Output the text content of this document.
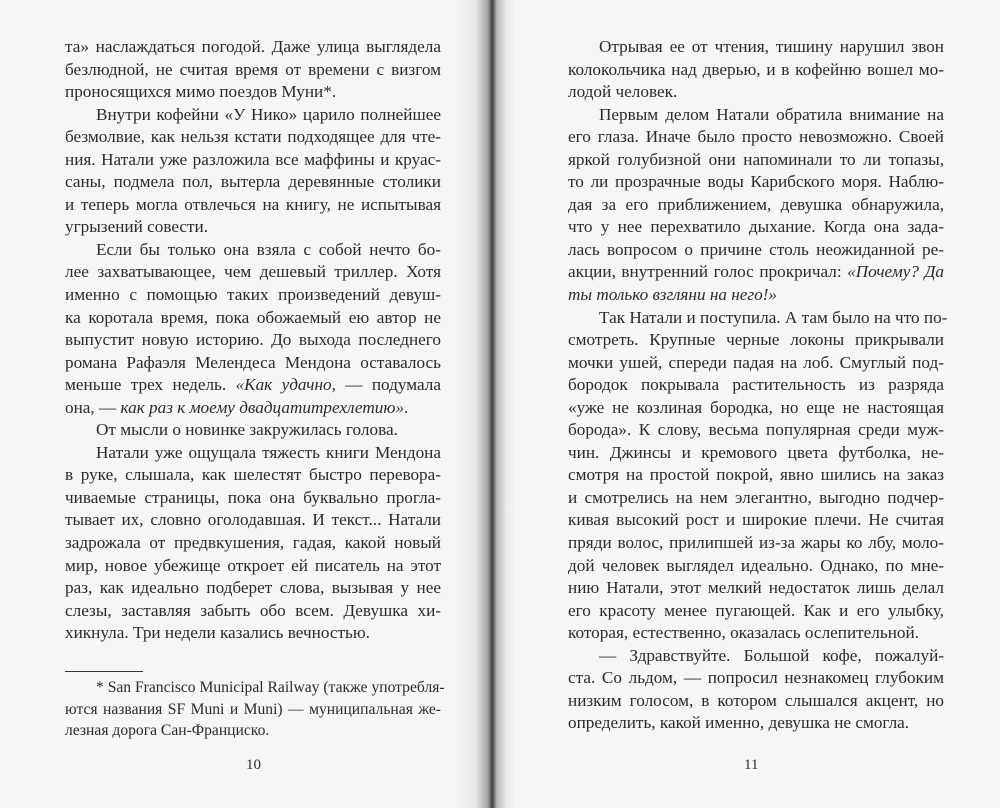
та» наслаждаться погодой. Даже улица выглядела
безлюдной, не считая время от времени с визгом
проносящихся мимо поездов Муни*.
Внутри кофейни «У Нико» царило полнейшее
безмолвие, как нельзя кстати подходящее для чте-
ния. Натали уже разложила все маффины и круас-
саны, подмела пол, вытерла деревянные столики
и теперь могла отвлечься на книгу, не испытывая
угрызений совести.
Если бы только она взяла с собой нечто бо-
лее захватывающее, чем дешевый триллер. Хотя
именно с помощью таких произведений девуш-
ка коротала время, пока обожаемый ею автор не
выпустит новую историю. До выхода последнего
романа Рафаэля Мелендеса Мендона оставалось
меньше трех недель. «Как удачно, — подумала
она, — как раз к моему двадцатитрехлетию».
От мысли о новинке закружилась голова.
Натали уже ощущала тяжесть книги Мендона
в руке, слышала, как шелестят быстро перевора-
чиваемые страницы, пока она буквально прогла-
тывает их, словно оголодавшая. И текст... Натали
задрожала от предвкушения, гадая, какой новый
мир, новое убежище откроет ей писатель на этот
раз, как идеально подберет слова, вызывая у нее
слезы, заставляя забыть обо всем. Девушка хи-
хикнула. Три недели казались вечностью.
* San Francisco Municipal Railway (также употребля-
ются названия SF Muni и Muni) — муниципальная же-
лезная дорога Сан-Франциско.
10
Отрывая ее от чтения, тишину нарушил звон
колокольчика над дверью, и в кофейню вошел мо-
лодой человек.
Первым делом Натали обратила внимание на
его глаза. Иначе было просто невозможно. Своей
яркой голубизной они напоминали то ли топазы,
то ли прозрачные воды Карибского моря. Наблю-
дая за его приближением, девушка обнаружила,
что у нее перехватило дыхание. Когда она зада-
лась вопросом о причине столь неожиданной ре-
акции, внутренний голос прокричал: «Почему? Да
ты только взгляни на него!»
Так Натали и поступила. А там было на что по-
смотреть. Крупные черные локоны прикрывали
мочки ушей, спереди падая на лоб. Смуглый под-
бородок покрывала растительность из разряда
«уже не козлиная бородка, но еще не настоящая
борода». К слову, весьма популярная среди муж-
чин. Джинсы и кремового цвета футболка, не-
смотря на простой покрой, явно шились на заказ
и смотрелись на нем элегантно, выгодно подчер-
кивая высокий рост и широкие плечи. Не считая
пряди волос, прилипшей из-за жары ко лбу, моло-
дой человек выглядел идеально. Однако, по мне-
нию Натали, этот мелкий недостаток лишь делал
его красоту менее пугающей. Как и его улыбку,
которая, естественно, оказалась ослепительной.
— Здравствуйте. Большой кофе, пожалуй-
ста. Со льдом, — попросил незнакомец глубоким
низким голосом, в котором слышался акцент, но
определить, какой именно, девушка не смогла.
11
